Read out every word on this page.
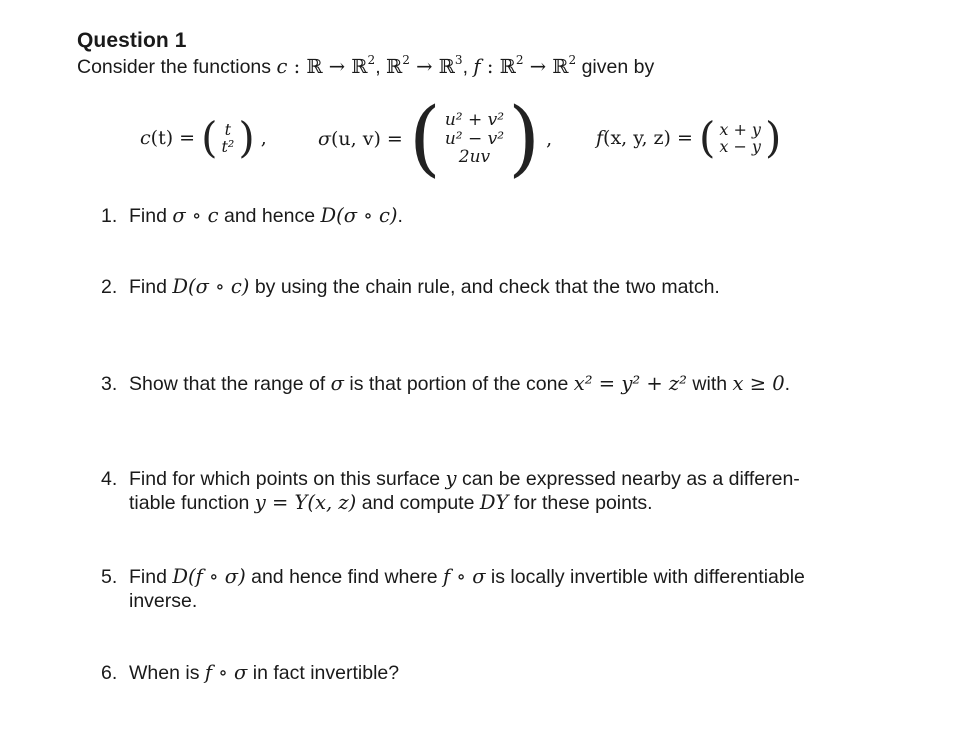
Question 1
Consider the functions c : ℝ → ℝ$^2$, ℝ$^2$ → ℝ$^3$, f : ℝ$^2$ → ℝ$^2$ given by
c(t) = ( t
t² ) ,	σ(u, v) = ( u² + v²
u² − v²
2uv ) , f(x, y, z) = ( x + y
x − y )
1. Find σ ∘ c and hence D(σ ∘ c).
2. Find D(σ ∘ c) by using the chain rule, and check that the two match.
3. Show that the range of σ is that portion of the cone x² = y² + z² with x ≥ 0.
4. Find for which points on this surface y can be expressed nearby as a differen-
tiable function y = Y(x, z) and compute DY for these points.
5. Find D(f ∘ σ) and hence find where f ∘ σ is locally invertible with differentiable
inverse.
6. When is f ∘ σ in fact invertible?
